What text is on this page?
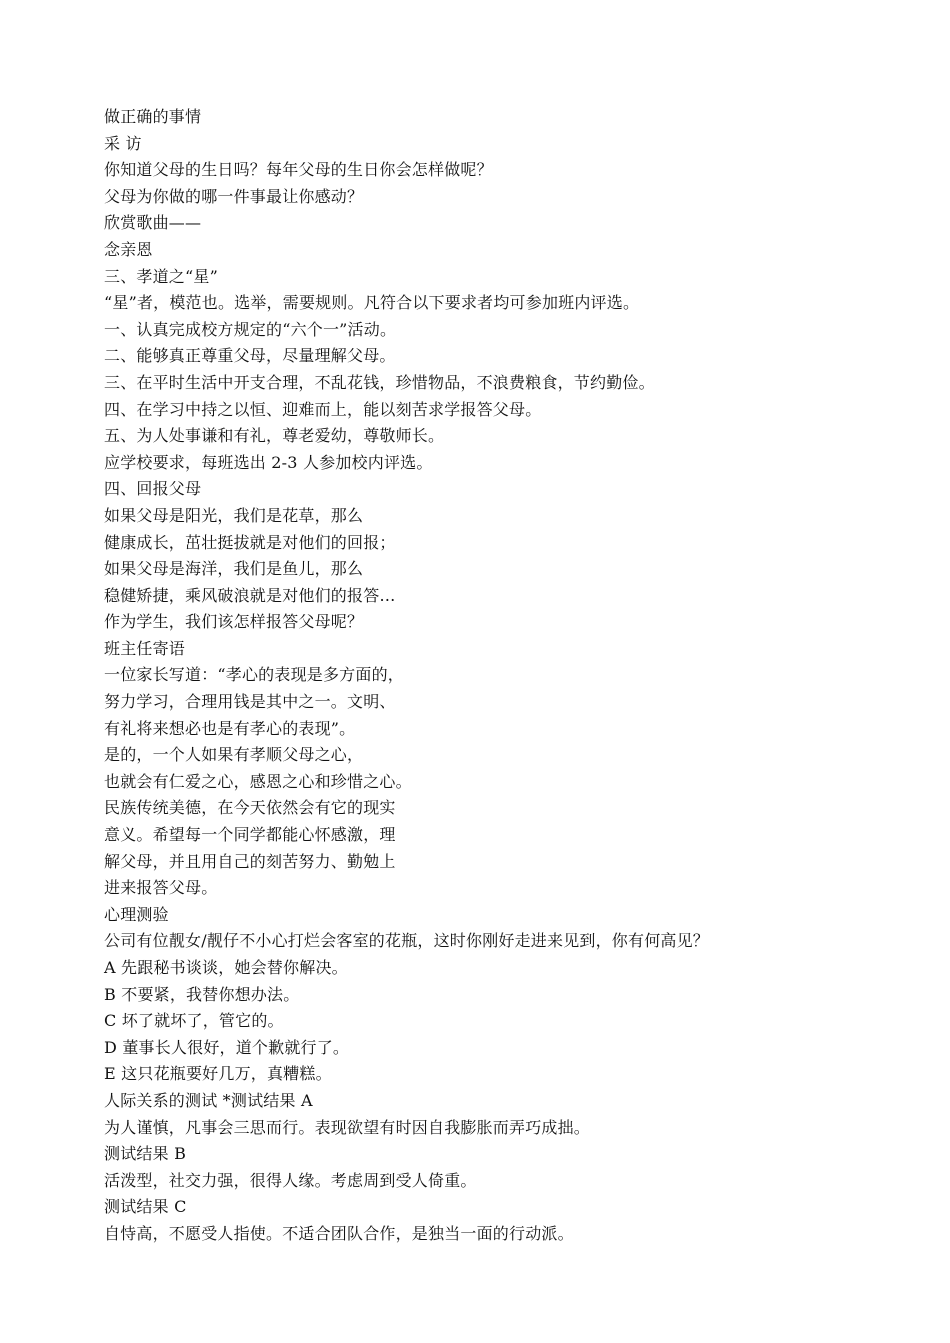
做正确的事情
采 访
你知道父母的生日吗？每年父母的生日你会怎样做呢？
父母为你做的哪一件事最让你感动？
欣赏歌曲——
念亲恩
三、孝道之“星”
“星”者，模范也。选举，需要规则。凡符合以下要求者均可参加班内评选。
一、认真完成校方规定的“六个一”活动。
二、能够真正尊重父母，尽量理解父母。
三、在平时生活中开支合理，不乱花钱，珍惜物品，不浪费粮食，节约勤俭。
四、在学习中持之以恒、迎难而上，能以刻苦求学报答父母。
五、为人处事谦和有礼，尊老爱幼，尊敬师长。
应学校要求，每班选出 2-3 人参加校内评选。
四、回报父母
如果父母是阳光，我们是花草，那么
健康成长，茁壮挺拔就是对他们的回报；
如果父母是海洋，我们是鱼儿，那么
稳健矫捷，乘风破浪就是对他们的报答…
作为学生，我们该怎样报答父母呢？
班主任寄语
一位家长写道：“孝心的表现是多方面的，
努力学习，合理用钱是其中之一。文明、
有礼将来想必也是有孝心的表现”。
是的，一个人如果有孝顺父母之心，
也就会有仁爱之心，感恩之心和珍惜之心。
民族传统美德，在今天依然会有它的现实
意义。希望每一个同学都能心怀感激，理
解父母，并且用自己的刻苦努力、勤勉上
进来报答父母。
心理测验
公司有位靓女/靓仔不小心打烂会客室的花瓶，这时你刚好走进来见到，你有何高见？
A 先跟秘书谈谈，她会替你解决。
B 不要紧，我替你想办法。
C 坏了就坏了，管它的。
D 董事长人很好，道个歉就行了。
E 这只花瓶要好几万，真糟糕。
人际关系的测试 *测试结果 A
为人谨慎，凡事会三思而行。表现欲望有时因自我膨胀而弄巧成拙。
测试结果 B
活泼型，社交力强，很得人缘。考虑周到受人倚重。
测试结果 C
自恃高，不愿受人指使。不适合团队合作，是独当一面的行动派。
